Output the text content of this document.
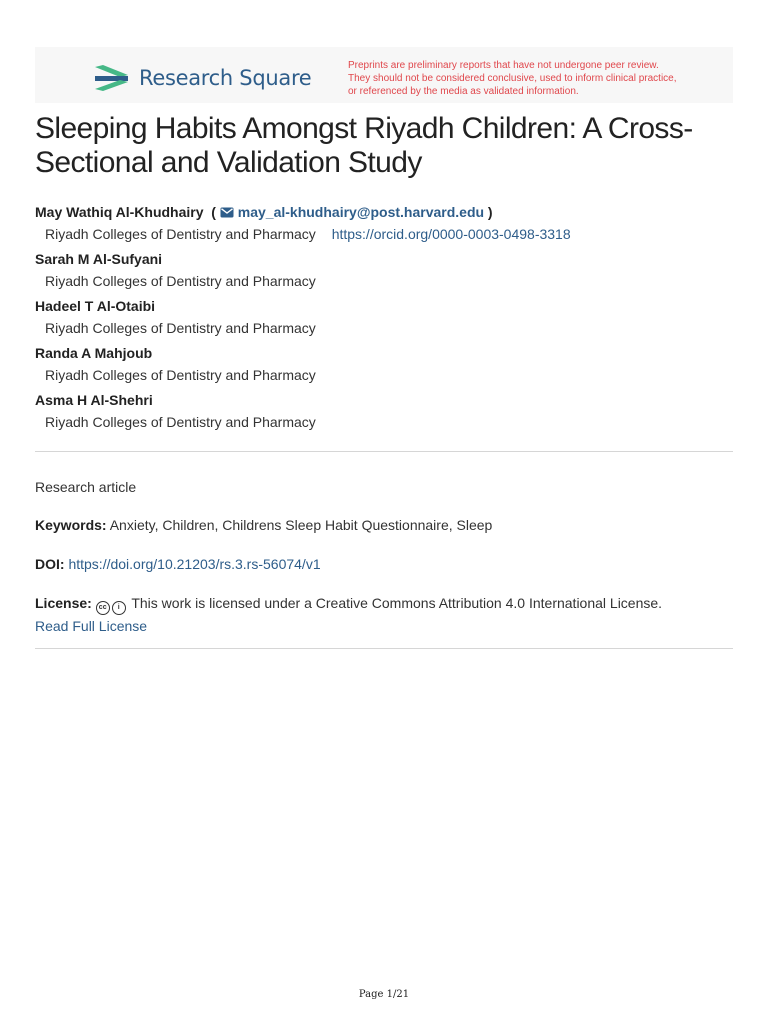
Research Square
Preprints are preliminary reports that have not undergone peer review.
They should not be considered conclusive, used to inform clinical practice,
or referenced by the media as validated information.
Sleeping Habits Amongst Riyadh Children: A Cross-Sectional and Validation Study
May Wathiq Al-Khudhairy  (  may_al-khudhairy@post.harvard.edu )
Riyadh Colleges of Dentistry and Pharmacy https://orcid.org/0000-0003-0498-3318
Sarah M Al-Sufyani
Riyadh Colleges of Dentistry and Pharmacy
Hadeel T Al-Otaibi
Riyadh Colleges of Dentistry and Pharmacy
Randa A Mahjoub
Riyadh Colleges of Dentistry and Pharmacy
Asma H Al-Shehri
Riyadh Colleges of Dentistry and Pharmacy
Research article
Keywords: Anxiety, Children, Childrens Sleep Habit Questionnaire, Sleep
DOI: https://doi.org/10.21203/rs.3.rs-56074/v1
License: cc i This work is licensed under a Creative Commons Attribution 4.0 International License.
Read Full License
Page 1/21
